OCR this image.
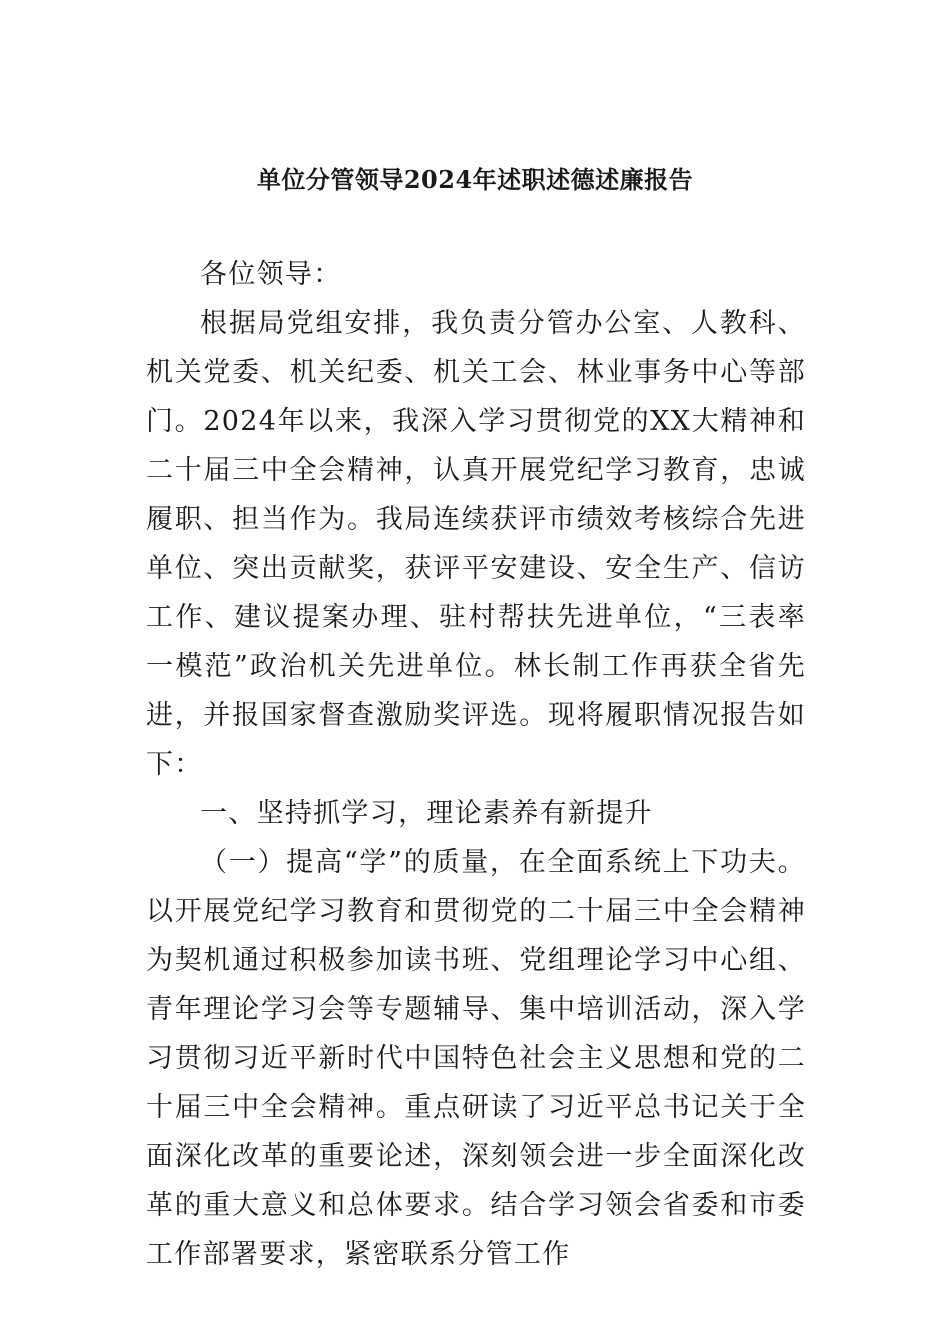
单位分管领导2024年述职述德述廉报告

各位领导：

根据局党组安排，我负责分管办公室、人教科、机关党委、机关纪委、机关工会、林业事务中心等部门。2024年以来，我深入学习贯彻党的XX大精神和二十届三中全会精神，认真开展党纪学习教育，忠诚履职、担当作为。我局连续获评市绩效考核综合先进单位、突出贡献奖，获评平安建设、安全生产、信访工作、建议提案办理、驻村帮扶先进单位，“三表率一模范”政治机关先进单位。林长制工作再获全省先进，并报国家督查激励奖评选。现将履职情况报告如下：

一、坚持抓学习，理论素养有新提升

（一）提高“学”的质量，在全面系统上下功夫。以开展党纪学习教育和贯彻党的二十届三中全会精神为契机通过积极参加读书班、党组理论学习中心组、青年理论学习会等专题辅导、集中培训活动，深入学习贯彻习近平新时代中国特色社会主义思想和党的二十届三中全会精神。重点研读了习近平总书记关于全面深化改革的重要论述，深刻领会进一步全面深化改革的重大意义和总体要求。结合学习领会省委和市委工作部署要求，紧密联系分管工作
